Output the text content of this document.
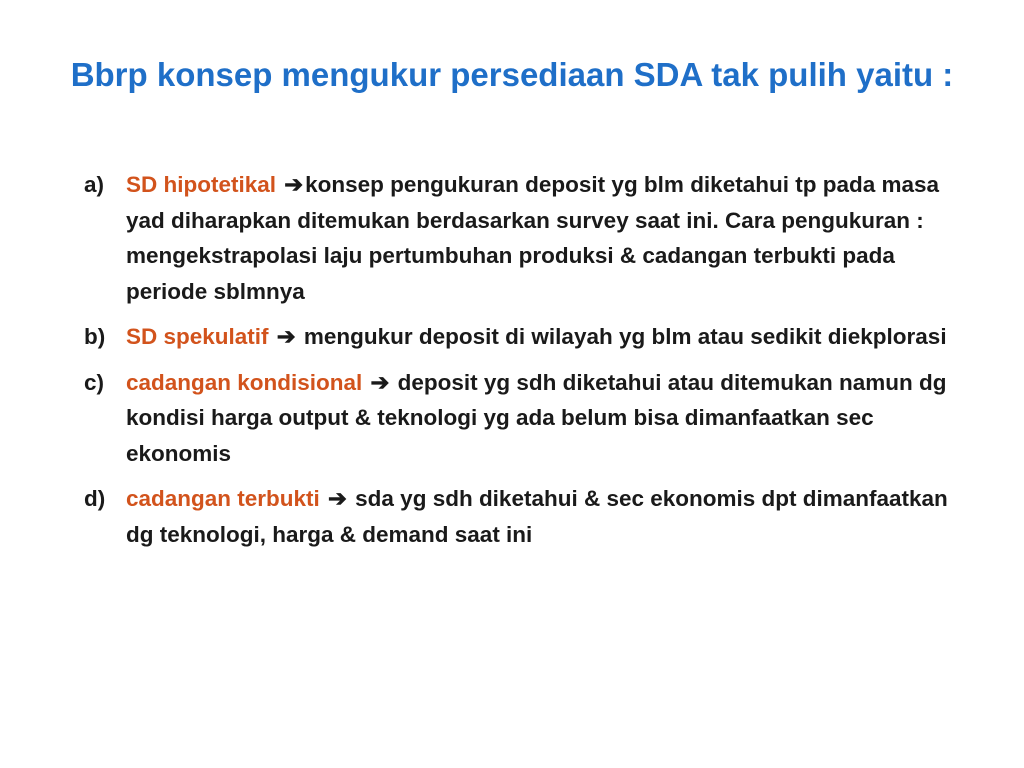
Bbrp konsep mengukur persediaan SDA tak pulih yaitu :
a) SD hipotetikal ➔konsep pengukuran deposit yg blm diketahui tp pada masa yad diharapkan ditemukan berdasarkan survey saat ini. Cara pengukuran : mengekstrapolasi laju pertumbuhan produksi & cadangan terbukti pada periode sblmnya
b) SD spekulatif ➔ mengukur deposit di wilayah yg blm atau sedikit diekplorasi
c) cadangan kondisional ➔ deposit yg sdh diketahui atau ditemukan namun dg kondisi harga output & teknologi yg ada belum bisa dimanfaatkan sec ekonomis
d) cadangan terbukti ➔ sda yg sdh diketahui & sec ekonomis dpt dimanfaatkan dg teknologi, harga & demand saat ini
